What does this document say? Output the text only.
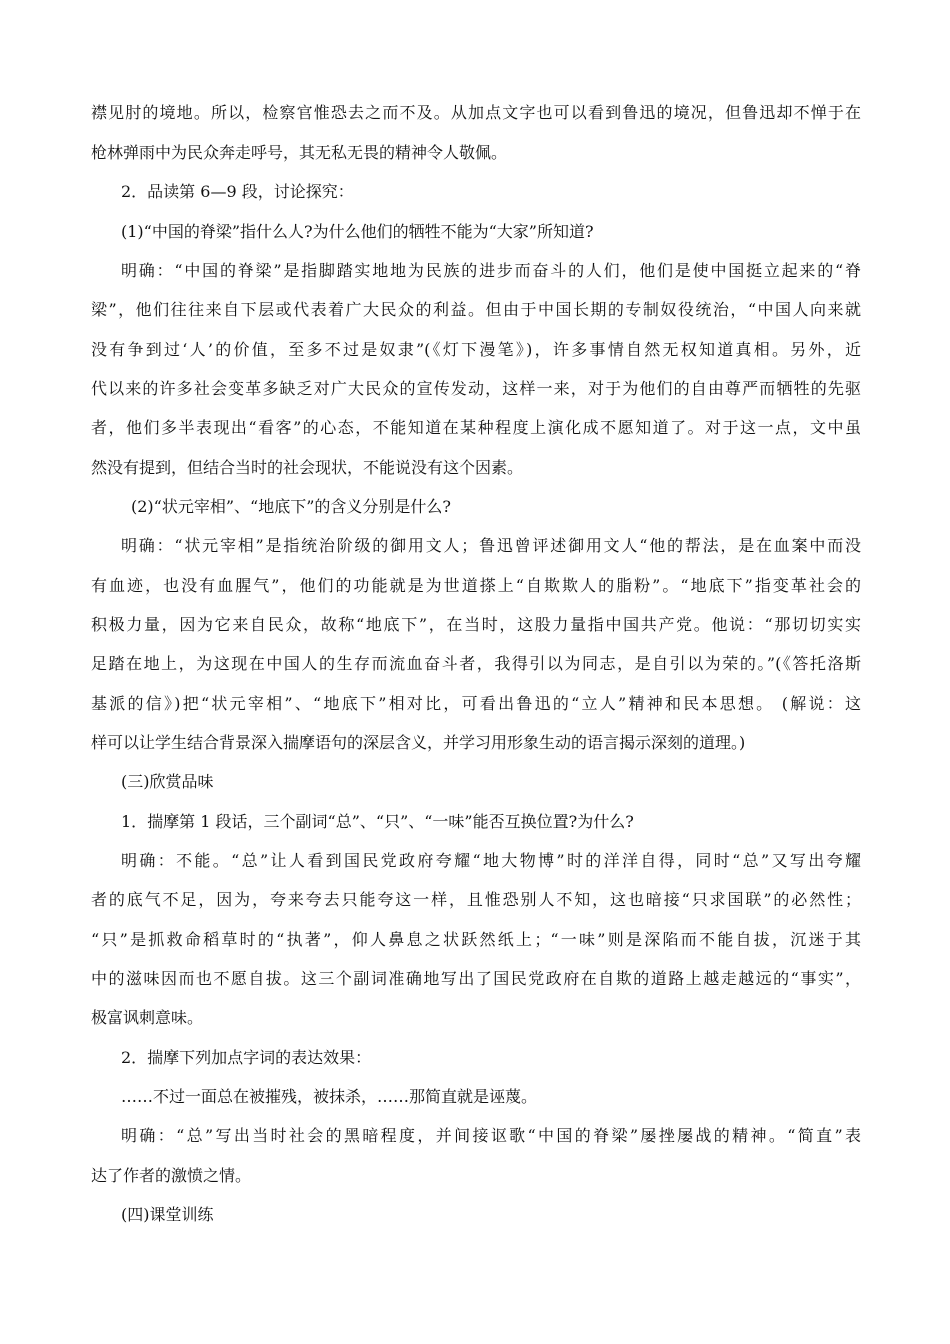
襟见肘的境地。所以，检察官惟恐去之而不及。从加点文字也可以看到鲁迅的境况，但鲁迅却不惮于在
枪林弹雨中为民众奔走呼号，其无私无畏的精神令人敬佩。
2．品读第 6—9 段，讨论探究：
(1)“中国的脊梁”指什么人?为什么他们的牺牲不能为“大家”所知道?
明确：“中国的脊梁”是指脚踏实地地为民族的进步而奋斗的人们，他们是使中国挺立起来的“脊
梁”，他们往往来自下层或代表着广大民众的利益。但由于中国长期的专制奴役统治，“中国人向来就
没有争到过‘人’的价值，至多不过是奴隶”(《灯下漫笔》)，许多事情自然无权知道真相。另外，近
代以来的许多社会变革多缺乏对广大民众的宣传发动，这样一来，对于为他们的自由尊严而牺牲的先驱
者，他们多半表现出“看客”的心态，不能知道在某种程度上演化成不愿知道了。对于这一点，文中虽
然没有提到，但结合当时的社会现状，不能说没有这个因素。
(2)“状元宰相”、“地底下”的含义分别是什么?
明确：“状元宰相”是指统治阶级的御用文人；鲁迅曾评述御用文人“他的帮法，是在血案中而没
有血迹，也没有血腥气”，他们的功能就是为世道搽上“自欺欺人的脂粉”。“地底下”指变革社会的
积极力量，因为它来自民众，故称“地底下”，在当时，这股力量指中国共产党。他说：“那切切实实
足踏在地上，为这现在中国人的生存而流血奋斗者，我得引以为同志，是自引以为荣的。”(《答托洛斯
基派的信》)把“状元宰相”、“地底下”相对比，可看出鲁迅的“立人”精神和民本思想。 (解说：这
样可以让学生结合背景深入揣摩语句的深层含义，并学习用形象生动的语言揭示深刻的道理。)
(三)欣赏品味
1．揣摩第 1 段话，三个副词“总”、“只”、“一味”能否互换位置?为什么?
明确：不能。“总”让人看到国民党政府夸耀“地大物博”时的洋洋自得，同时“总”又写出夸耀
者的底气不足，因为，夸来夸去只能夸这一样，且惟恐别人不知，这也暗接“只求国联”的必然性；
“只”是抓救命稻草时的“执著”，仰人鼻息之状跃然纸上；“一味”则是深陷而不能自拔，沉迷于其
中的滋味因而也不愿自拔。这三个副词准确地写出了国民党政府在自欺的道路上越走越远的“事实”，
极富讽刺意味。
2．揣摩下列加点字词的表达效果：
……不过一面总在被摧残，被抹杀，……那简直就是诬蔑。
明确：“总”写出当时社会的黑暗程度，并间接讴歌“中国的脊梁”屡挫屡战的精神。“简直”表
达了作者的激愤之情。
(四)课堂训练
